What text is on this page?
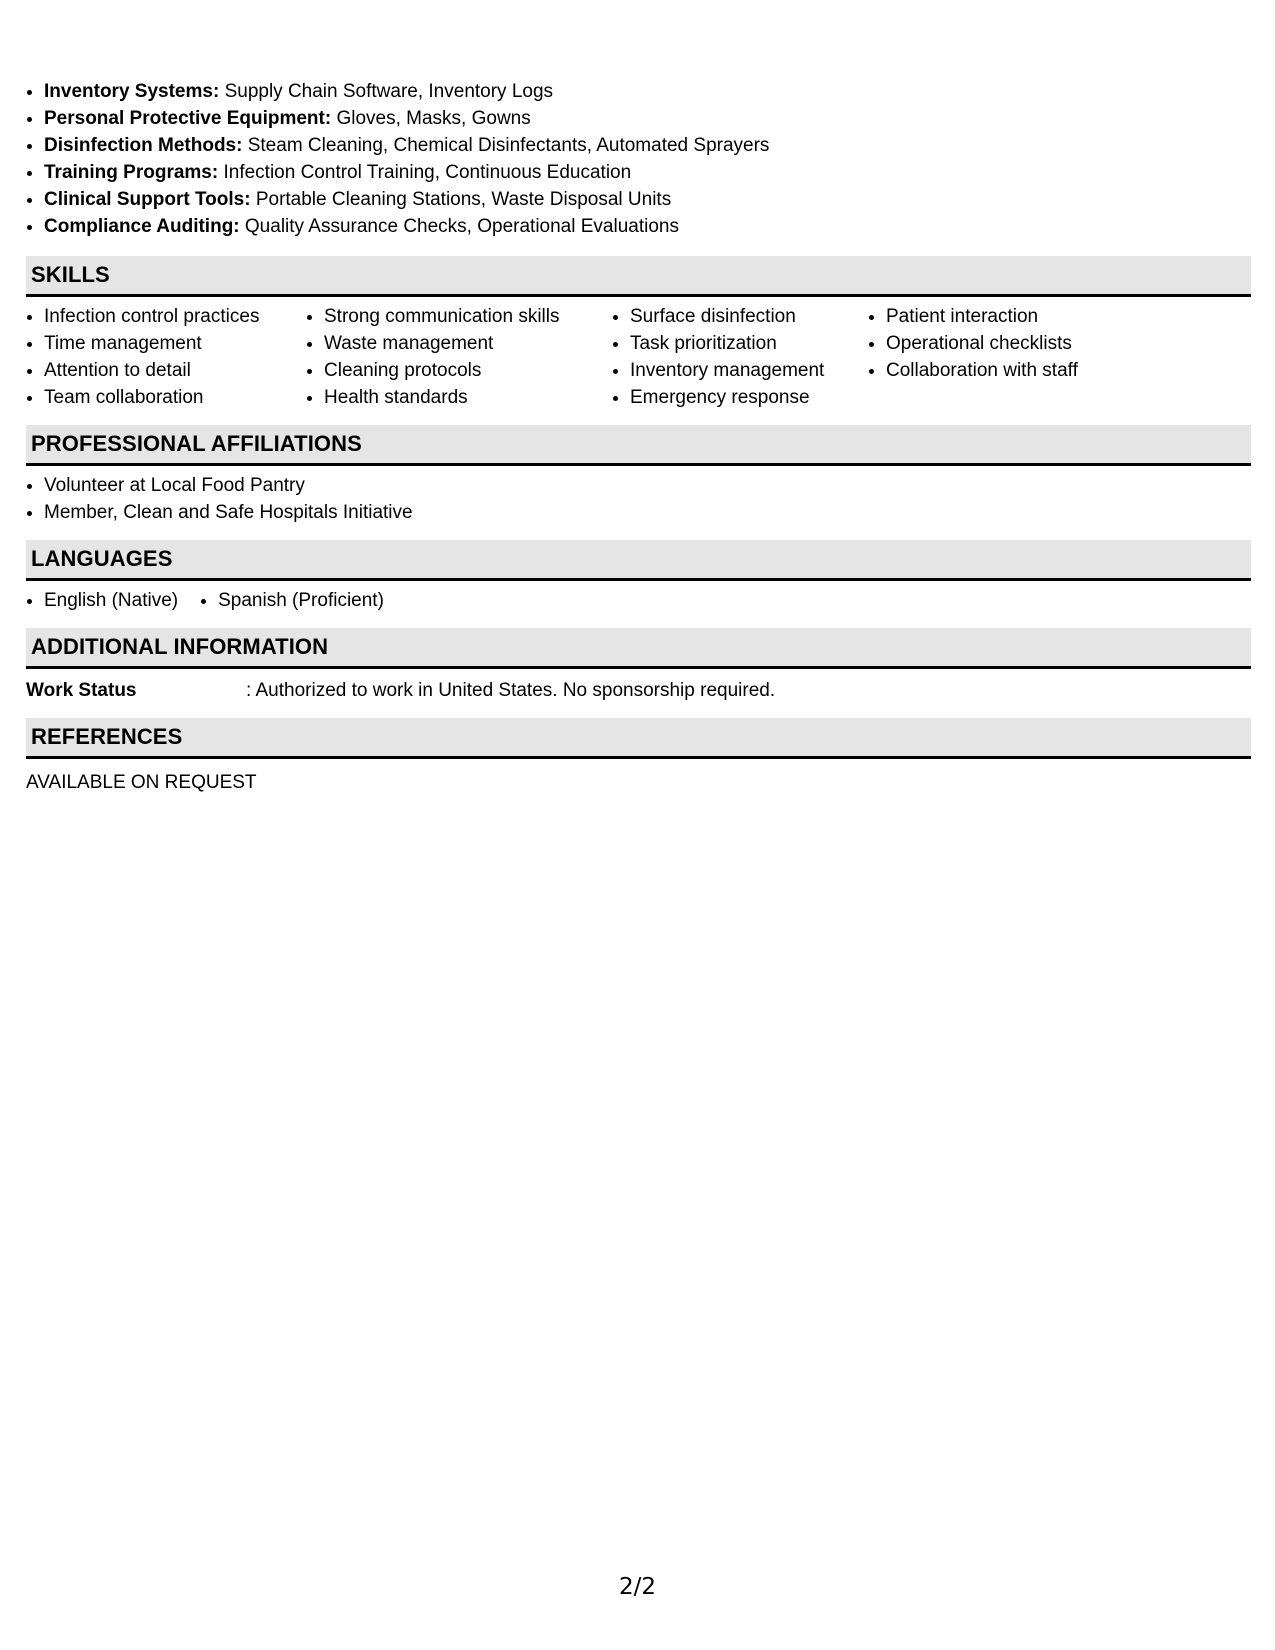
• Inventory Systems: Supply Chain Software, Inventory Logs
• Personal Protective Equipment: Gloves, Masks, Gowns
• Disinfection Methods: Steam Cleaning, Chemical Disinfectants, Automated Sprayers
• Training Programs: Infection Control Training, Continuous Education
• Clinical Support Tools: Portable Cleaning Stations, Waste Disposal Units
• Compliance Auditing: Quality Assurance Checks, Operational Evaluations
SKILLS
• Infection control practices
• Time management
• Attention to detail
• Team collaboration
• Strong communication skills
• Waste management
• Cleaning protocols
• Health standards
• Surface disinfection
• Task prioritization
• Inventory management
• Emergency response
• Patient interaction
• Operational checklists
• Collaboration with staff
PROFESSIONAL AFFILIATIONS
• Volunteer at Local Food Pantry
• Member, Clean and Safe Hospitals Initiative
LANGUAGES
• English (Native)
• Spanish (Proficient)
ADDITIONAL INFORMATION
Work Status	: Authorized to work in United States. No sponsorship required.
REFERENCES
AVAILABLE ON REQUEST
2/2
